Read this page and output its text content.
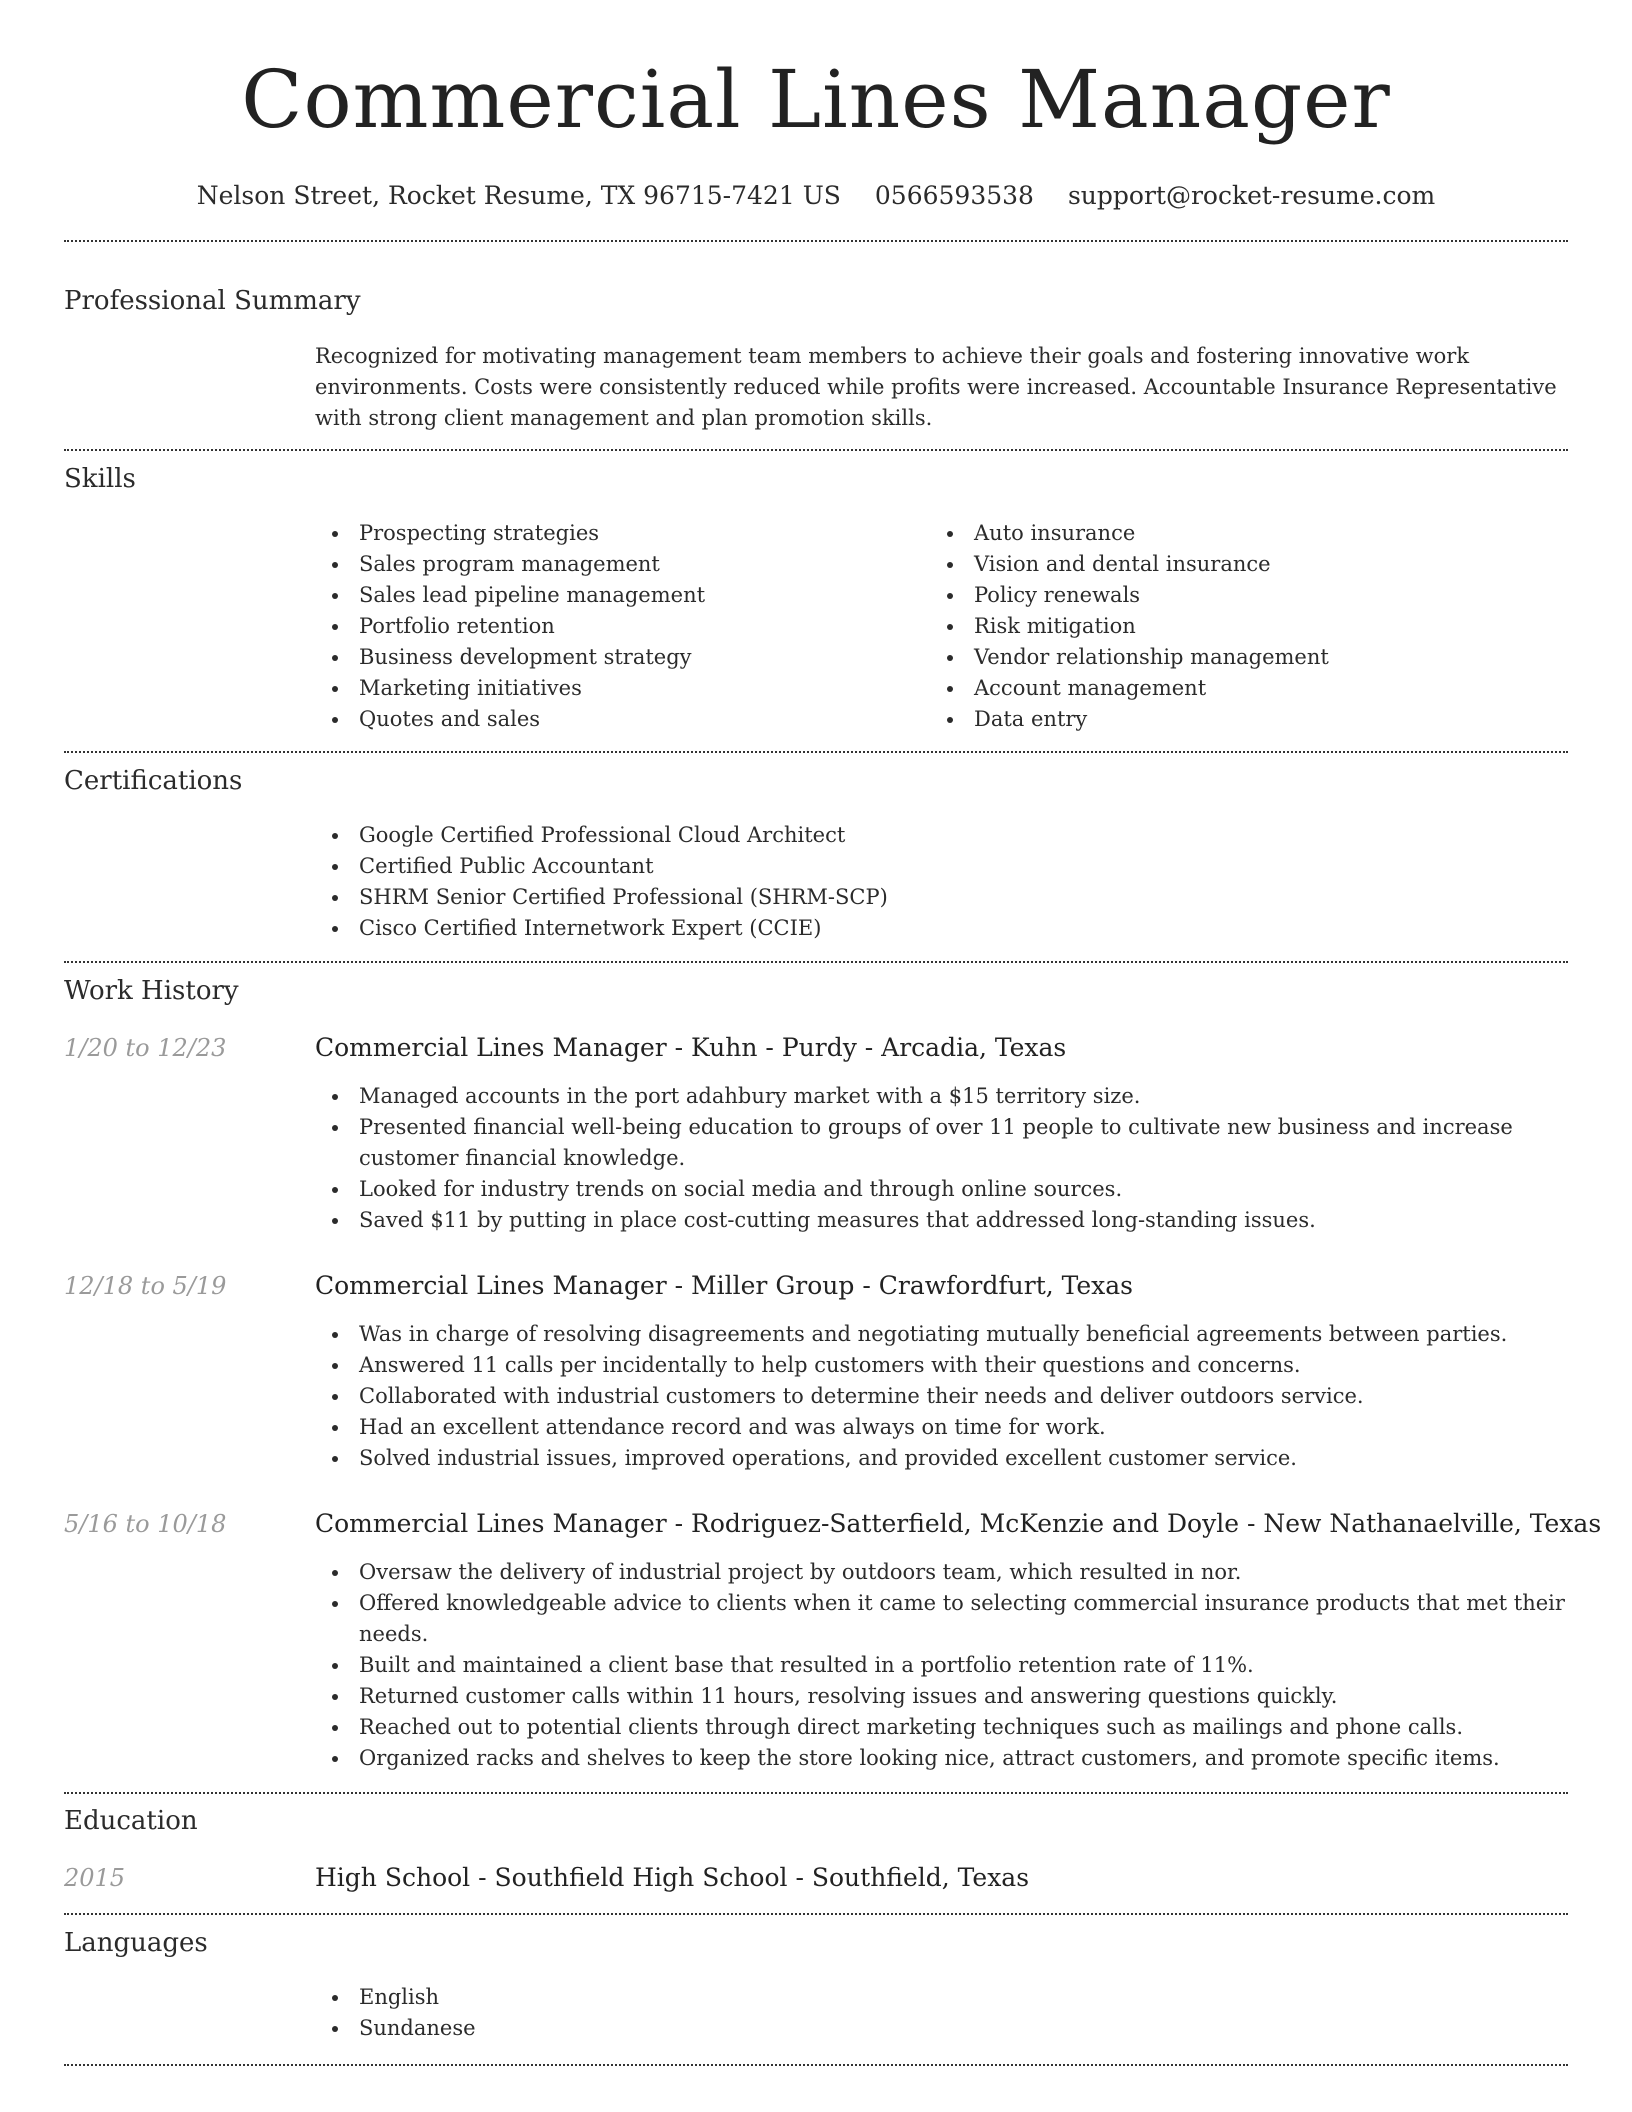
Commercial Lines Manager
Nelson Street, Rocket Resume, TX 96715-7421 US 0566593538 support@rocket-resume.com
Professional Summary
Recognized for motivating management team members to achieve their goals and fostering innovative work environments. Costs were consistently reduced while profits were increased. Accountable Insurance Representative with strong client management and plan promotion skills.
Skills
Prospecting strategies
Sales program management
Sales lead pipeline management
Portfolio retention
Business development strategy
Marketing initiatives
Quotes and sales
Auto insurance
Vision and dental insurance
Policy renewals
Risk mitigation
Vendor relationship management
Account management
Data entry
Certifications
Google Certified Professional Cloud Architect
Certified Public Accountant
SHRM Senior Certified Professional (SHRM-SCP)
Cisco Certified Internetwork Expert (CCIE)
Work History
1/20 to 12/23	Commercial Lines Manager - Kuhn - Purdy - Arcadia, Texas
Managed accounts in the port adahbury market with a $15 territory size.
Presented financial well-being education to groups of over 11 people to cultivate new business and increase customer financial knowledge.
Looked for industry trends on social media and through online sources.
Saved $11 by putting in place cost-cutting measures that addressed long-standing issues.
12/18 to 5/19	Commercial Lines Manager - Miller Group - Crawfordfurt, Texas
Was in charge of resolving disagreements and negotiating mutually beneficial agreements between parties.
Answered 11 calls per incidentally to help customers with their questions and concerns.
Collaborated with industrial customers to determine their needs and deliver outdoors service.
Had an excellent attendance record and was always on time for work.
Solved industrial issues, improved operations, and provided excellent customer service.
5/16 to 10/18	Commercial Lines Manager - Rodriguez-Satterfield, McKenzie and Doyle - New Nathanaelville, Texas
Oversaw the delivery of industrial project by outdoors team, which resulted in nor.
Offered knowledgeable advice to clients when it came to selecting commercial insurance products that met their needs.
Built and maintained a client base that resulted in a portfolio retention rate of 11%.
Returned customer calls within 11 hours, resolving issues and answering questions quickly.
Reached out to potential clients through direct marketing techniques such as mailings and phone calls.
Organized racks and shelves to keep the store looking nice, attract customers, and promote specific items.
Education
2015	High School - Southfield High School - Southfield, Texas
Languages
English
Sundanese
